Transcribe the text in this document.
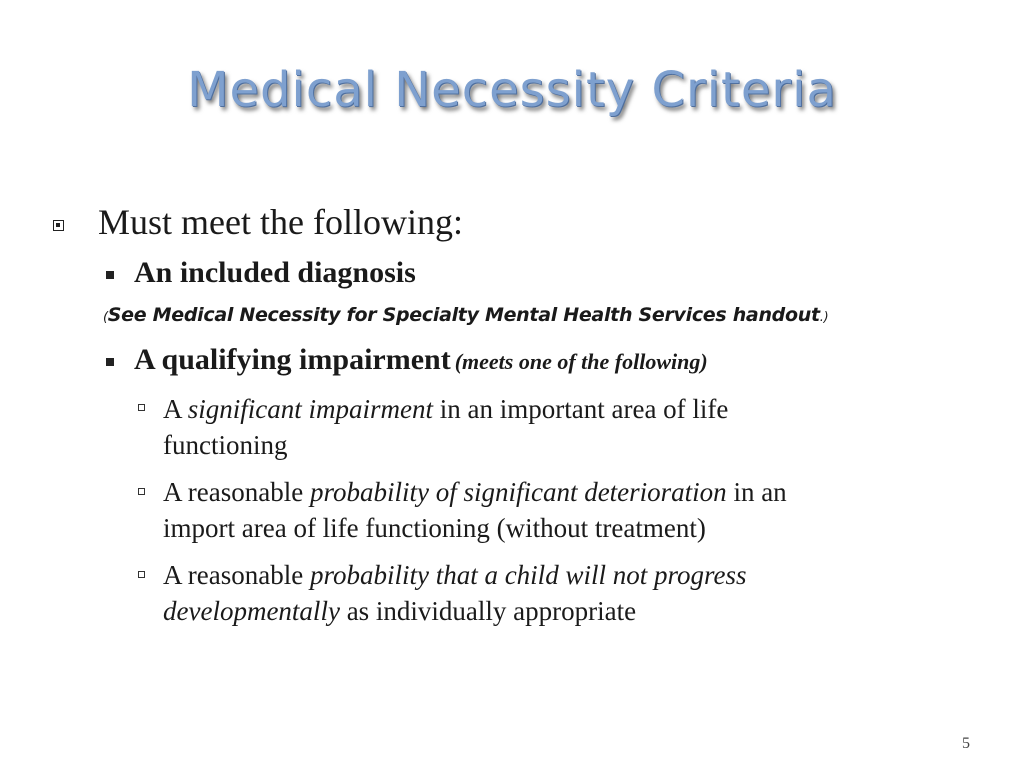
Medical Necessity Criteria
Must meet the following:
An included diagnosis
(See Medical Necessity for Specialty Mental Health Services handout.)
A qualifying impairment (meets one of the following)
A significant impairment in an important area of life
functioning
A reasonable probability of significant deterioration in an
import area of life functioning (without treatment)
A reasonable probability that a child will not progress
developmentally as individually appropriate
5
